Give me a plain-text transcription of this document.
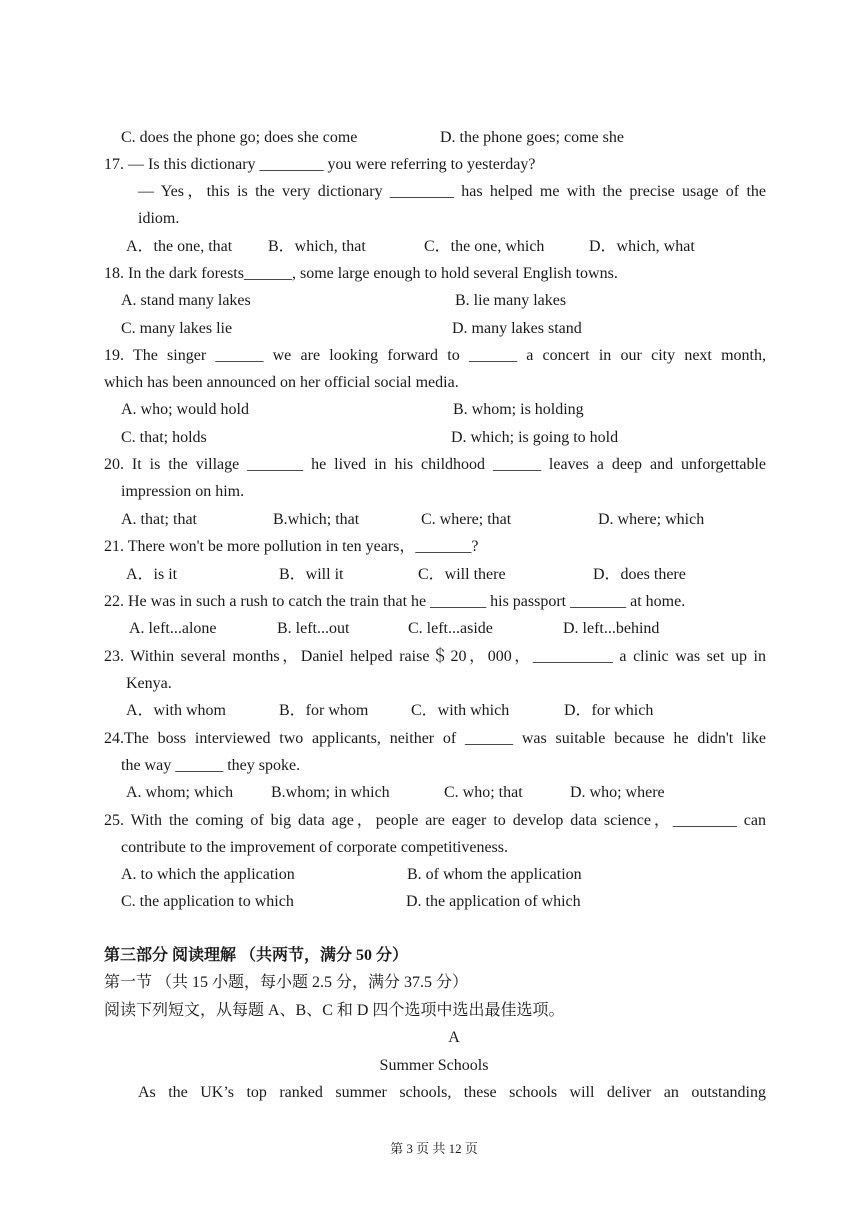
C. does the phone go; does she come	D. the phone goes; come she
17. — Is this dictionary ________ you were referring to yesterday?
— Yes，this is the very dictionary ________ has helped me with the precise usage of the
idiom.
A．the one, that B．which, that	C．the one, which	D．which, what
18. In the dark forests______, some large enough to hold several English towns.
A. stand many lakes	B. lie many lakes
C. many lakes lie	D. many lakes stand
19. The singer ______ we are looking forward to ______ a concert in our city next month,
which has been announced on her official social media.
A. who; would hold	B. whom; is holding
C. that; holds	D. which; is going to hold
20. It is the village _______ he lived in his childhood ______ leaves a deep and unforgettable
impression on him.
A. that; that	B.which; that	C. where; that	D. where; which
21. There won't be more pollution in ten years，_______?
A．is it	B．will it	C．will there	D．does there
22. He was in such a rush to catch the train that he _______ his passport _______ at home.
A. left...alone	B. left...out	C. left...aside	D. left...behind
23. Within several months，Daniel helped raise＄20，000，__________ a clinic was set up in
Kenya.
A．with whom	B．for whom	C．with which	D．for which
24.The boss interviewed two applicants, neither of ______ was suitable because he didn't like
the way ______ they spoke.
A. whom; which B.whom; in which	C. who; that	D. who; where
25. With the coming of big data age，people are eager to develop data science，________ can
contribute to the improvement of corporate competitiveness.
A. to which the application	B. of whom the application
C. the application to which	D. the application of which
第三部分 阅读理解 （共两节，满分 50 分）
第一节 （共 15 小题，每小题 2.5 分，满分 37.5 分）
阅读下列短文，从每题 A、B、C 和 D 四个选项中选出最佳选项。
A
Summer Schools
As the UK’s top ranked summer schools, these schools will deliver an outstanding
第 3 页 共 12 页
